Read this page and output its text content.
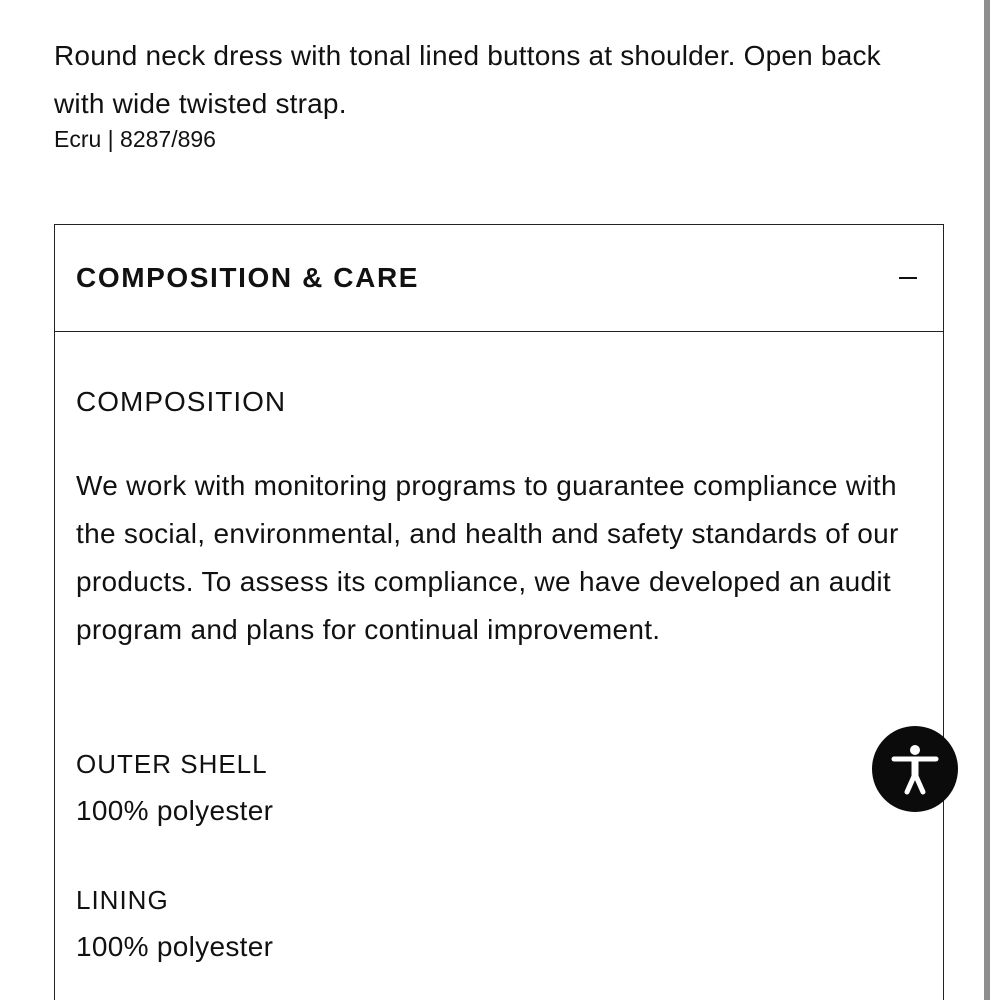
Round neck dress with tonal lined buttons at shoulder. Open back with wide twisted strap.

Ecru | 8287/896
COMPOSITION & CARE
COMPOSITION
We work with monitoring programs to guarantee compliance with the social, environmental, and health and safety standards of our products. To assess its compliance, we have developed an audit program and plans for continual improvement.
OUTER SHELL
100% polyester
LINING
100% polyester
